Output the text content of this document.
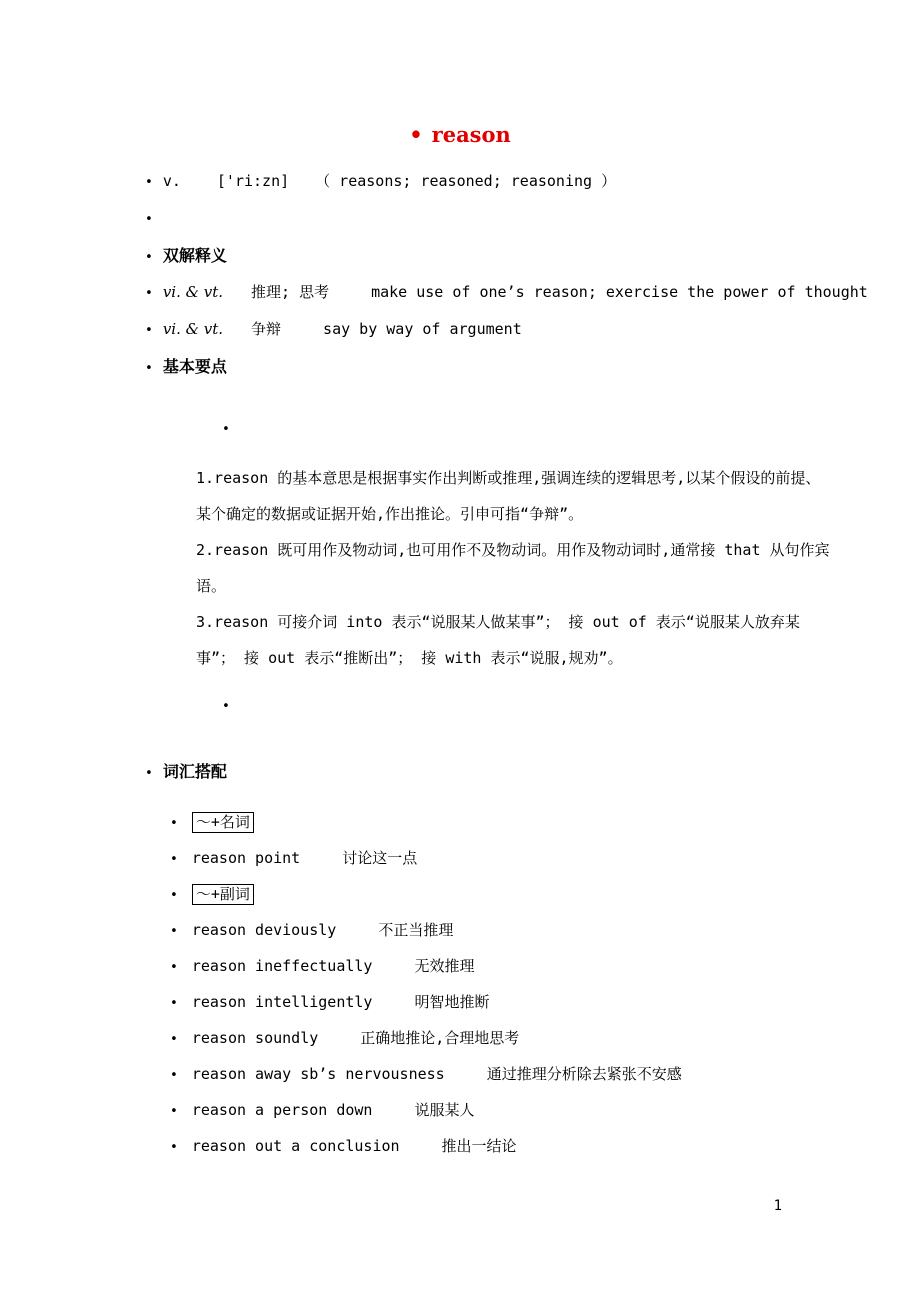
• reason
• v. ['ri:zn] （ reasons; reasoned; reasoning ）
•
• 双解释义
• vi. & vt. 推理; 思考	make use of one’s reason; exercise the power of thought
• vi. & vt. 争辩	say by way of argument
• 基本要点
•
1.reason 的基本意思是根据事实作出判断或推理,强调连续的逻辑思考,以某个假设的前提、某个确定的数据或证据开始,作出推论。引申可指“争辩”。
2.reason 既可用作及物动词,也可用作不及物动词。用作及物动词时,通常接 that 从句作宾语。
3.reason 可接介词 into 表示“说服某人做某事”； 接 out of 表示“说服某人放弃某事”； 接 out 表示“推断出”； 接 with 表示“说服,规劝”。
•
• 词汇搭配
• ～+名词
• reason point	讨论这一点
• ～+副词
• reason deviously	不正当推理
• reason ineffectually	无效推理
• reason intelligently	明智地推断
• reason soundly	正确地推论,合理地思考
• reason away sb’s nervousness	通过推理分析除去紧张不安感
• reason a person down	说服某人
• reason out a conclusion	推出一结论
1
